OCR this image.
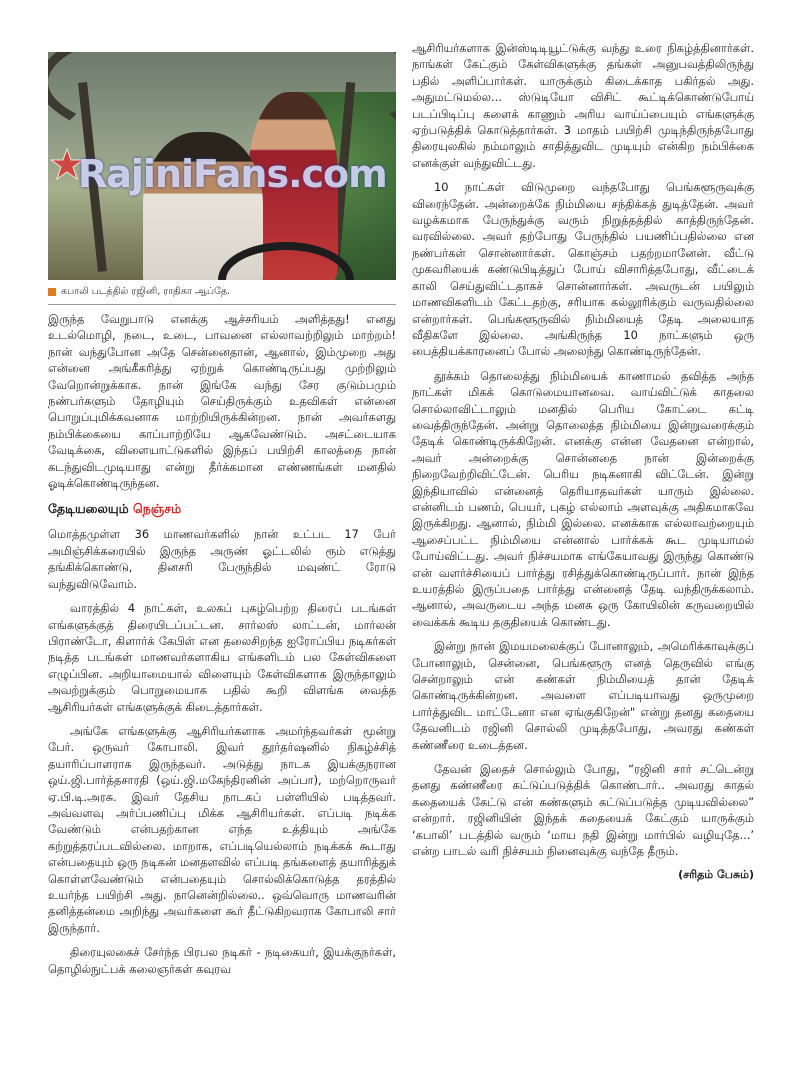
RajiniFans.com
கபாலி படத்தில் ரஜினி, ராதிகா ஆப்தே.

இருந்த வேறுபாடு எனக்கு ஆச்சரியம் அளித்தது! எனது உடல்மொழி, நடை, உடை, பாவனை எல்லாவற்றிலும் மாற்றம்! நான் வந்துபோன அதே சென்னைதான், ஆனால், இம்முறை அது என்னை அங்கீகரித்து ஏற்றுக் கொண்டிருப்பது முற்றிலும் வேறொன்றுக்காக. நான் இங்கே வந்து சேர குடும்பமும் நண்பர்களும் தோழியும் செய்திருக்கும் உதவிகள் என்னை பொறுப்புமிக்கவனாக மாற்றியிருக்கின்றன. நான் அவர்களது நம்பிக்கையை காப்பாற்றியே ஆகவேண்டும். அசட்டையாக வேடிக்கை, விளையாட்டுகளில் இந்தப் பயிற்சி காலத்தை நான் கடந்துவிடமுடியாது என்று தீர்க்கமான எண்ணங்கள் மனதில் ஓடிக்கொண்டிருந்தன.

தேடியலையும் நெஞ்சம்

மொத்தமுள்ள 36 மாணவர்களில் நான் உட்பட 17 பேர் அமிஞ்சிக்கரையில் இருந்த அருண் ஓட்டலில் ரூம் எடுத்து தங்கிக்கொண்டு, தினசரி பேருந்தில் மவுண்ட் ரோடு வந்துவிடுவோம்.

வாரத்தில் 4 நாட்கள், உலகப் புகழ்பெற்ற திரைப் படங்கள் எங்களுக்குத் திரையிடப்பட்டன. சார்லஸ் லாட்டன், மார்லன் பிராண்டோ, கிளார்க் கேபிள் என தலைசிறந்த ஐரோப்பிய நடிகர்கள் நடித்த படங்கள் மாணவர்களாகிய எங்களிடம் பல கேள்விகளை எழுப்பின. அறியாமையால் விளையும் கேள்விகளாக இருந்தாலும் அவற்றுக்கும் பொறுமையாக பதில் கூறி விளங்க வைத்த ஆசிரியர்கள் எங்களுக்குக் கிடைத்தார்கள்.

அங்கே எங்களுக்கு ஆசிரியர்களாக அமர்ந்தவர்கள் மூன்று பேர். ஒருவர் கோபாலி. இவர் தூர்தர்ஷனில் நிகழ்ச்சித் தயாரிப்பாளராக இருந்தவர். அடுத்து நாடக இயக்குநரான ஒய்.ஜி.பார்த்தசாரதி (ஒய்.ஜி.மகேந்திரனின் அப்பா), மற்றொருவர் ஏ.பி.டி.அரசு. இவர் தேசிய நாடகப் பள்ளியில் படித்தவர். அவ்வளவு அர்ப்பணிப்பு மிக்க ஆசிரியர்கள். எப்படி நடிக்க வேண்டும் என்பதற்கான எந்த உத்தியும் அங்கே கற்றுத்தரப்படவில்லை. மாறாக, எப்படியெல்லாம் நடிக்கக் கூடாது என்பதையும் ஒரு நடிகன் மனதளவில் எப்படி தங்களைத் தயாரித்துக் கொள்ளவேண்டும் என்பதையும் சொல்லிக்கொடுத்த தரத்தில் உயர்ந்த பயிற்சி அது. நானென்றில்லை.. ஒவ்வொரு மாணவரின் தனித்தன்மை அறிந்து அவர்களை கூர் தீட்டுகிறவராக கோபாலி சார் இருந்தார்.

திரையுலகைச் சேர்ந்த பிரபல நடிகர் - நடிகையர், இயக்குநர்கள், தொழில்நுட்பக் கலைஞர்கள் கவுரவ

ஆசிரியர்களாக இன்ஸ்டிடியூட்டுக்கு வந்து உரை நிகழ்த்தினார்கள். நாங்கள் கேட்கும் கேள்விகளுக்கு தங்கள் அனுபவத்திலிருந்து பதில் அளிப்பார்கள். யாருக்கும் கிடைக்காத பகிர்தல் அது. அதுமட்டுமல்ல... ஸ்டுடியோ விசிட் கூட்டிக்கொண்டுபோய் படப்பிடிப்பு களைக் காணும் அரிய வாய்ப்பையும் எங்களுக்கு ஏற்படுத்திக் கொடுத்தார்கள். 3 மாதம் பயிற்சி முடிந்திருந்தபோது திரையுலகில் நம்மாலும் சாதித்துவிட முடியும் என்கிற நம்பிக்கை எனக்குள் வந்துவிட்டது.

10 நாட்கள் விடுமுறை வந்தபோது பெங்களூருவுக்கு விரைந்தேன். அன்றைக்கே நிம்மியை சந்திக்கத் துடித்தேன். அவர் வழக்கமாக பேருந்துக்கு வரும் நிறுத்தத்தில் காத்திருந்தேன். வரவில்லை. அவர் தற்போது பேருந்தில் பயணிப்பதில்லை என நண்பர்கள் சொன்னார்கள். கொஞ்சம் பதற்றமானேன். வீட்டு முகவரியைக் கண்டுபிடித்துப் போய் விசாரித்தபோது, வீட்டைக் காலி செய்துவிட்டதாகச் சொன்னார்கள். அவருடன் பயிலும் மாணவிகளிடம் கேட்டதற்கு, சரியாக கல்லூரிக்கும் வருவதில்லை என்றார்கள். பெங்களூருவில் நிம்மியைத் தேடி அலையாத வீதிகளே இல்லை. அங்கிருந்த 10 நாட்களும் ஒரு பைத்தியக்காரனைப் போல் அலைந்து கொண்டிருந்தேன்.

தூக்கம் தொலைத்து நிம்மியைக் காணாமல் தவித்த அந்த நாட்கள் மிகக் கொடுமையானவை. வாய்விட்டுக் காதலை சொல்லாவிட்டாலும் மனதில் பெரிய கோட்டை கட்டி வைத்திருந்தேன். அன்று தொலைத்த நிம்மியை இன்றுவரைக்கும் தேடிக் கொண்டிருக்கிறேன். எனக்கு என்ன வேதனை என்றால், அவர் அன்றைக்கு சொன்னதை நான் இன்றைக்கு நிறைவேற்றிவிட்டேன். பெரிய நடிகனாகி விட்டேன். இன்று இந்தியாவில் என்னைத் தெரியாதவர்கள் யாரும் இல்லை. என்னிடம் பணம், பெயர், புகழ் எல்லாம் அளவுக்கு அதிகமாகவே இருக்கிறது. ஆனால், நிம்மி இல்லை. எனக்காக எல்லாவற்றையும் ஆசைப்பட்ட நிம்மியை என்னால் பார்க்கக் கூட முடியாமல் போய்விட்டது. அவர் நிச்சயமாக எங்கேயாவது இருந்து கொண்டு என் வளர்ச்சியைப் பார்த்து ரசித்துக்கொண்டிருப்பார். நான் இந்த உயரத்தில் இருப்பதை பார்த்து என்னைத் தேடி வந்திருக்கலாம். ஆனால், அவருடைய அந்த மனசு ஒரு கோயிலின் கருவறையில் வைக்கக் கூடிய தகுதியைக் கொண்டது.

இன்று நான் இமயமலைக்குப் போனாலும், அமெரிக்காவுக்குப் போனாலும், சென்னை, பெங்களூரு எனத் தெருவில் எங்கு சென்றாலும் என் கண்கள் நிம்மியைத் தான் தேடிக் கொண்டிருக்கின்றன. அவளை எப்படியாவது ஒருமுறை பார்த்துவிட மாட்டேனா என ஏங்குகிறேன்" என்று தனது கதையை தேவனிடம் ரஜினி சொல்லி முடித்தபோது, அவரது கண்கள் கண்ணீரை உடைத்தன.

தேவன் இதைச் சொல்லும் போது, “ரஜினி சார் சட்டென்று தனது கண்ணீரை கட்டுப்படுத்திக் கொண்டார்.. அவரது காதல் கதையைக் கேட்டு என் கண்களும் கட்டுப்படுத்த முடியவில்லை” என்றார். ரஜினியின் இந்தக் கதையைக் கேட்கும் யாருக்கும் ‘கபாலி’ படத்தில் வரும் ‘மாய நதி இன்று மார்பில் வழியுதே...’ என்ற பாடல் வரி நிச்சயம் நினைவுக்கு வந்தே தீரும்.

(சரிதம் பேசும்)
